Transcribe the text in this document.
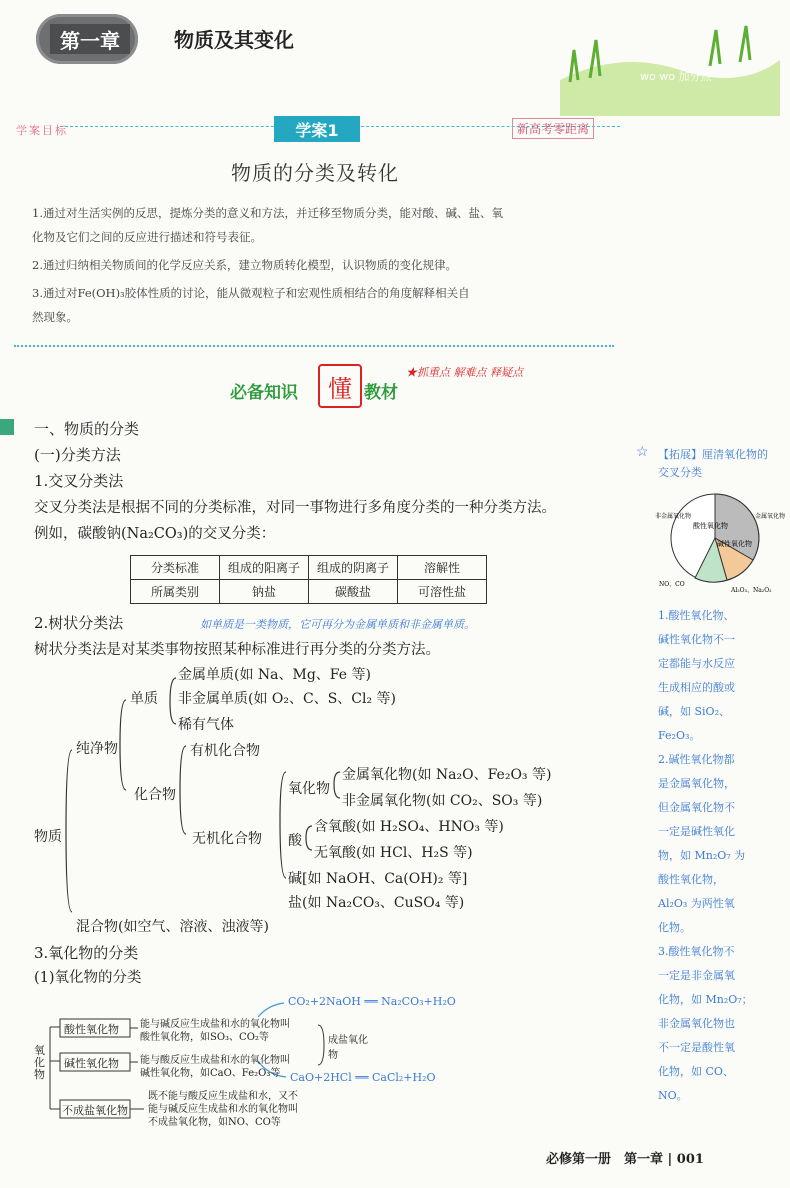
第一章	物质及其变化
wo wo 加分点
学案目标	学案1	新高考零距离
物质的分类及转化
1.通过对生活实例的反思，提炼分类的意义和方法，并迁移至物质分类，能对酸、碱、盐、氧
化物及它们之间的反应进行描述和符号表征。
2.通过归纳相关物质间的化学反应关系，建立物质转化模型，认识物质的变化规律。
3.通过对Fe(OH)₃胶体性质的讨论，能从微观粒子和宏观性质相结合的角度解释相关自
然现象。
必备知识	懂 教材
★抓重点 解难点 释疑点
一、物质的分类
(一)分类方法
1.交叉分类法
交叉分类法是根据不同的分类标准，对同一事物进行多角度分类的一种分类方法。
例如，碳酸钠(Na₂CO₃)的交叉分类：
分类标准	组成的阳离子	组成的阴离子	溶解性
所属类别	钠盐	碳酸盐	可溶性盐
2.树状分类法	如单质是一类物质，它可再分为金属单质和非金属单质。
树状分类法是对某类事物按照某种标准进行再分类的分类方法。
物质
纯净物
单质
金属单质(如 Na、Mg、Fe 等)
非金属单质(如 O₂、C、S、Cl₂ 等)
稀有气体
化合物
有机化合物
无机化合物
氧化物
金属氧化物(如 Na₂O、Fe₂O₃ 等)
非金属氧化物(如 CO₂、SO₃ 等)
酸
含氧酸(如 H₂SO₄、HNO₃ 等)
无氧酸(如 HCl、H₂S 等)
碱[如 NaOH、Ca(OH)₂ 等]
盐(如 Na₂CO₃、CuSO₄ 等)
混合物(如空气、溶液、浊液等)
3.氧化物的分类
(1)氧化物的分类
氧化物
酸性氧化物 能与碱反应生成盐和水的氧化物叫
酸性氧化物，如SO₃、CO₂等
碱性氧化物 能与酸反应生成盐和水的氧化物叫
碱性氧化物，如CaO、Fe₂O₃等
不成盐氧化物
既不能与酸反应生成盐和水，又不
能与碱反应生成盐和水的氧化物叫
不成盐氧化物，如NO、CO等
成盐氧化物
CO₂+2NaOH ══ Na₂CO₃+H₂O
CaO+2HCl ══ CaCl₂+H₂O
☆ 【拓展】厘清氧化物的交叉分类
酸性氧化物
碱性氧化物
金属氧化物
非金属氧化物
NO、CO
Al₂O₃、Na₂O₂
1.酸性氧化物、
碱性氧化物不一
定都能与水反应
生成相应的酸或
碱，如 SiO₂、
Fe₂O₃。
2.碱性氧化物都
是金属氧化物，
但金属氧化物不
一定是碱性氧化
物，如 Mn₂O₇ 为
酸性氧化物，
Al₂O₃ 为两性氧
化物。
3.酸性氧化物不
一定是非金属氧
化物，如 Mn₂O₇；
非金属氧化物也
不一定是酸性氧
化物，如 CO、
NO。
必修第一册　第一章 | 001
